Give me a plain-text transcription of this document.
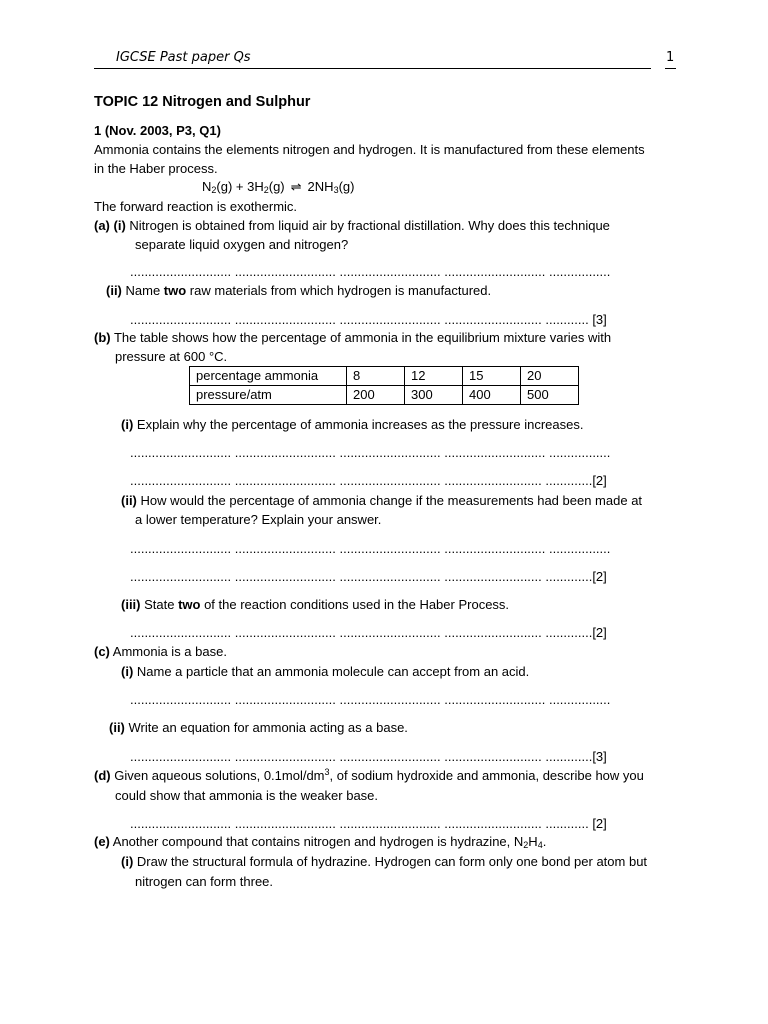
IGCSE Past paper Qs	1
TOPIC 12 Nitrogen and Sulphur
1 (Nov. 2003, P3, Q1)
Ammonia contains the elements nitrogen and hydrogen. It is manufactured from these elements
in the Haber process.
$N_2(g) + 3H_2(g)$ ⇌ $2NH_3(g)$
The forward reaction is exothermic.
(a) (i) Nitrogen is obtained from liquid air by fractional distillation. Why does this technique
separate liquid oxygen and nitrogen?
............................ ............................ ............................ ............................ .................
(ii) Name two raw materials from which hydrogen is manufactured.
............................ ............................ ............................ ........................... ............ [3]
(b) The table shows how the percentage of ammonia in the equilibrium mixture varies with
pressure at 600 °C.
percentage ammonia	8	12	15	20
pressure/atm	200	300	400	500
(i) Explain why the percentage of ammonia increases as the pressure increases.
............................ ............................ ............................ ............................ .................
............................ ............................ ............................ ........................... .............[2]
(ii) How would the percentage of ammonia change if the measurements had been made at
a lower temperature? Explain your answer.
............................ ............................ ............................ ............................ .................
............................ ............................ ............................ ........................... .............[2]
(iii) State two of the reaction conditions used in the Haber Process.
............................ ............................ ............................ ........................... .............[2]
(c) Ammonia is a base.
(i) Name a particle that an ammonia molecule can accept from an acid.
............................ ............................ ............................ ............................ .................
(ii) Write an equation for ammonia acting as a base.
............................ ............................ ............................ ........................... .............[3]
(d) Given aqueous solutions, $0.1mol/dm^3$, of sodium hydroxide and ammonia, describe how you
could show that ammonia is the weaker base.
............................ ............................ ............................ ........................... ............ [2]
(e) Another compound that contains nitrogen and hydrogen is hydrazine, $N_2H_4$.
(i) Draw the structural formula of hydrazine. Hydrogen can form only one bond per atom but
nitrogen can form three.
